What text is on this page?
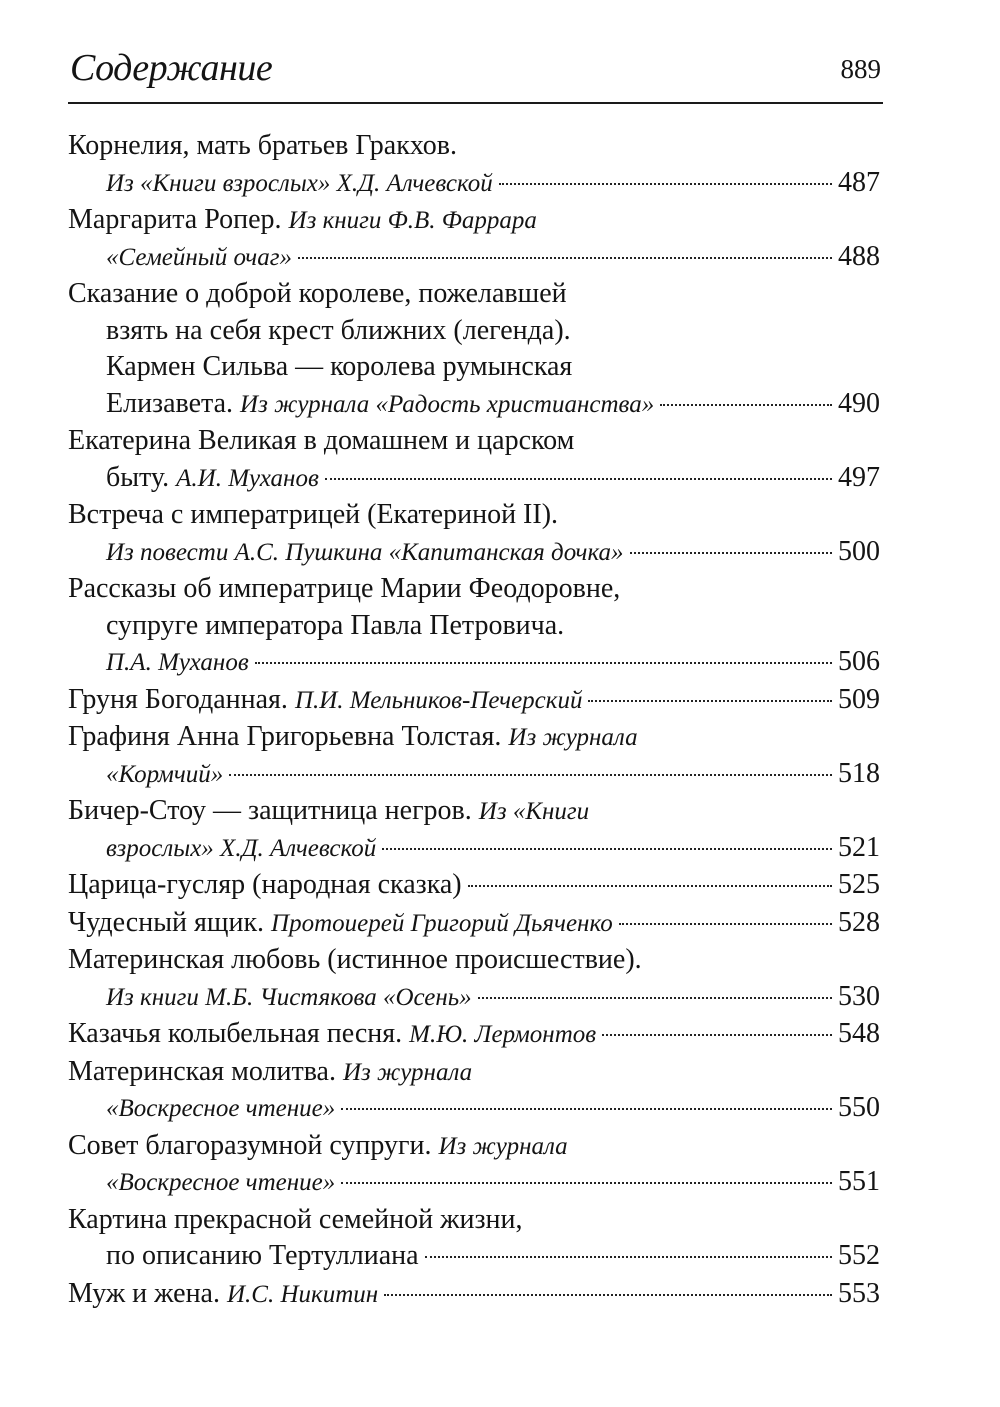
Содержание	889
Корнелия, мать братьев Гракхов.
Из «Книги взрослых» Х.Д. Алчевской	487
Маргарита Ропер. Из книги Ф.В. Фаррара
«Семейный очаг»	488
Сказание о доброй королеве, пожелавшей
взять на себя крест ближних (легенда).
Кармен Сильва — королева румынская
Елизавета. Из журнала «Радость христианства»	490
Екатерина Великая в домашнем и царском
быту. А.И. Муханов	497
Встреча с императрицей (Екатериной II).
Из повести А.С. Пушкина «Капитанская дочка»	500
Рассказы об императрице Марии Феодоровне,
супруге императора Павла Петровича.
П.А. Муханов	506
Груня Богоданная. П.И. Мельников-Печерский	509
Графиня Анна Григорьевна Толстая. Из журнала
«Кормчий»	518
Бичер-Стоу — защитница негров. Из «Книги
взрослых» Х.Д. Алчевской	521
Царица-гусляр (народная сказка)	525
Чудесный ящик. Протоиерей Григорий Дьяченко	528
Материнская любовь (истинное происшествие).
Из книги М.Б. Чистякова «Осень»	530
Казачья колыбельная песня. М.Ю. Лермонтов	548
Материнская молитва. Из журнала
«Воскресное чтение»	550
Совет благоразумной супруги. Из журнала
«Воскресное чтение»	551
Картина прекрасной семейной жизни,
по описанию Тертуллиана	552
Муж и жена. И.С. Никитин	553
